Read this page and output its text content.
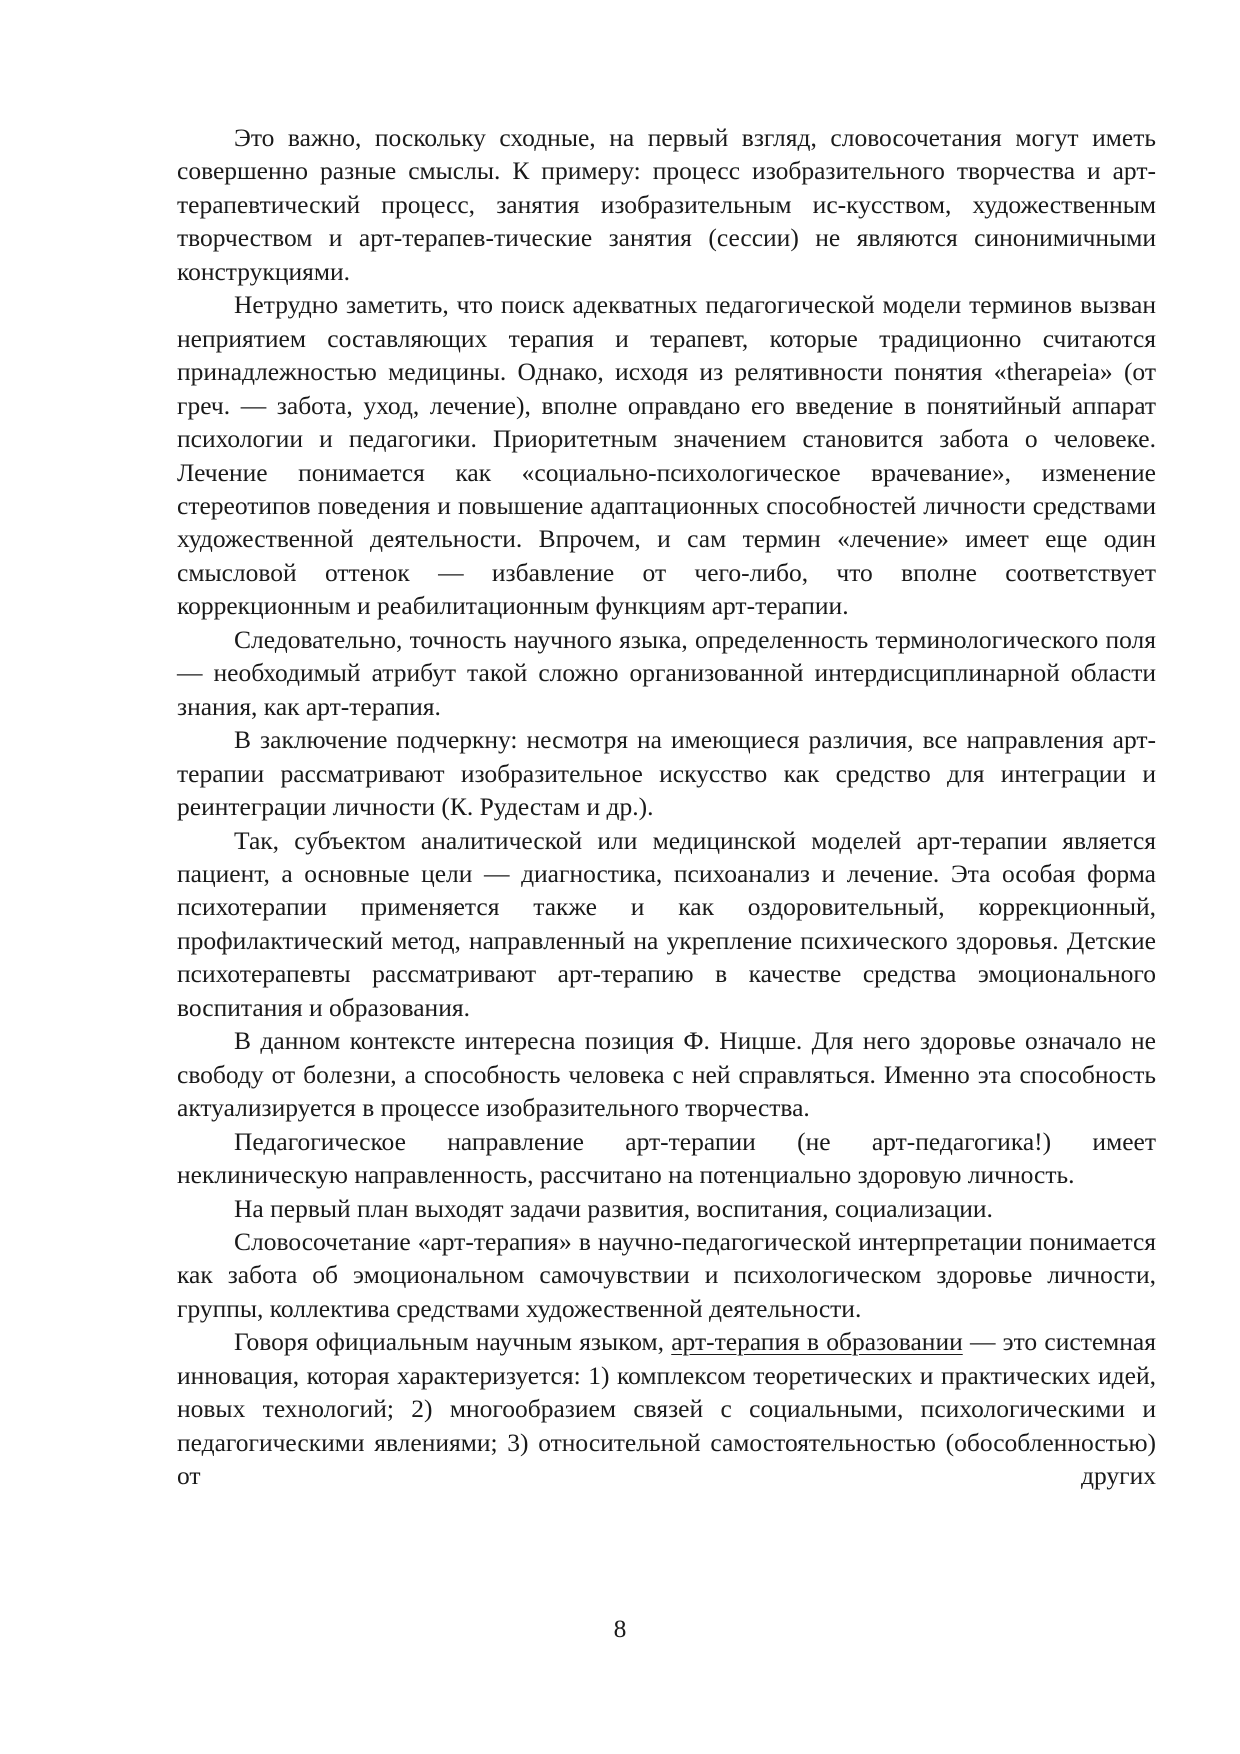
Это важно, поскольку сходные, на первый взгляд, словосочетания могут иметь совершенно разные смыслы. К примеру: процесс изобразительного творчества и арт-терапевтический процесс, занятия изобразительным ис-кусством, художественным творчеством и арт-терапев-тические занятия (сессии) не являются синонимичными конструкциями.

Нетрудно заметить, что поиск адекватных педагогической модели терминов вызван неприятием составляющих терапия и терапевт, которые традиционно считаются принадлежностью медицины. Однако, исходя из релятивности понятия «therapeia» (от греч. — забота, уход, лечение), вполне оправдано его введение в понятийный аппарат психологии и педагогики. Приоритетным значением становится забота о человеке. Лечение понимается как «социально-психологическое врачевание», изменение стереотипов поведения и повышение адаптационных способностей личности средствами художественной деятельности. Впрочем, и сам термин «лечение» имеет еще один смысловой оттенок — избавление от чего-либо, что вполне соответствует коррекционным и реабилитационным функциям арт-терапии.

Следовательно, точность научного языка, определенность терминологического поля — необходимый атрибут такой сложно организованной интердисциплинарной области знания, как арт-терапия.

В заключение подчеркну: несмотря на имеющиеся различия, все направления арт-терапии рассматривают изобразительное искусство как средство для интеграции и реинтеграции личности (К. Рудестам и др.).

Так, субъектом аналитической или медицинской моделей арт-терапии является пациент, а основные цели — диагностика, психоанализ и лечение. Эта особая форма психотерапии применяется также и как оздоровительный, коррекционный, профилактический метод, направленный на укрепление психического здоровья. Детские психотерапевты рассматривают арт-терапию в качестве средства эмоционального воспитания и образования.

В данном контексте интересна позиция Ф. Ницше. Для него здоровье означало не свободу от болезни, а способность человека с ней справляться. Именно эта способность актуализируется в процессе изобразительного творчества.

Педагогическое направление арт-терапии (не арт-педагогика!) имеет неклиническую направленность, рассчитано на потенциально здоровую личность.

На первый план выходят задачи развития, воспитания, социализации.

Словосочетание «арт-терапия» в научно-педагогической интерпретации понимается как забота об эмоциональном самочувствии и психологическом здоровье личности, группы, коллектива средствами художественной деятельности.

Говоря официальным научным языком, арт-терапия в образовании — это системная инновация, которая характеризуется: 1) комплексом теоретических и практических идей, новых технологий; 2) многообразием связей с социальными, психологическими и педагогическими явлениями; 3) относительной самостоятельностью (обособленностью) от других

8
